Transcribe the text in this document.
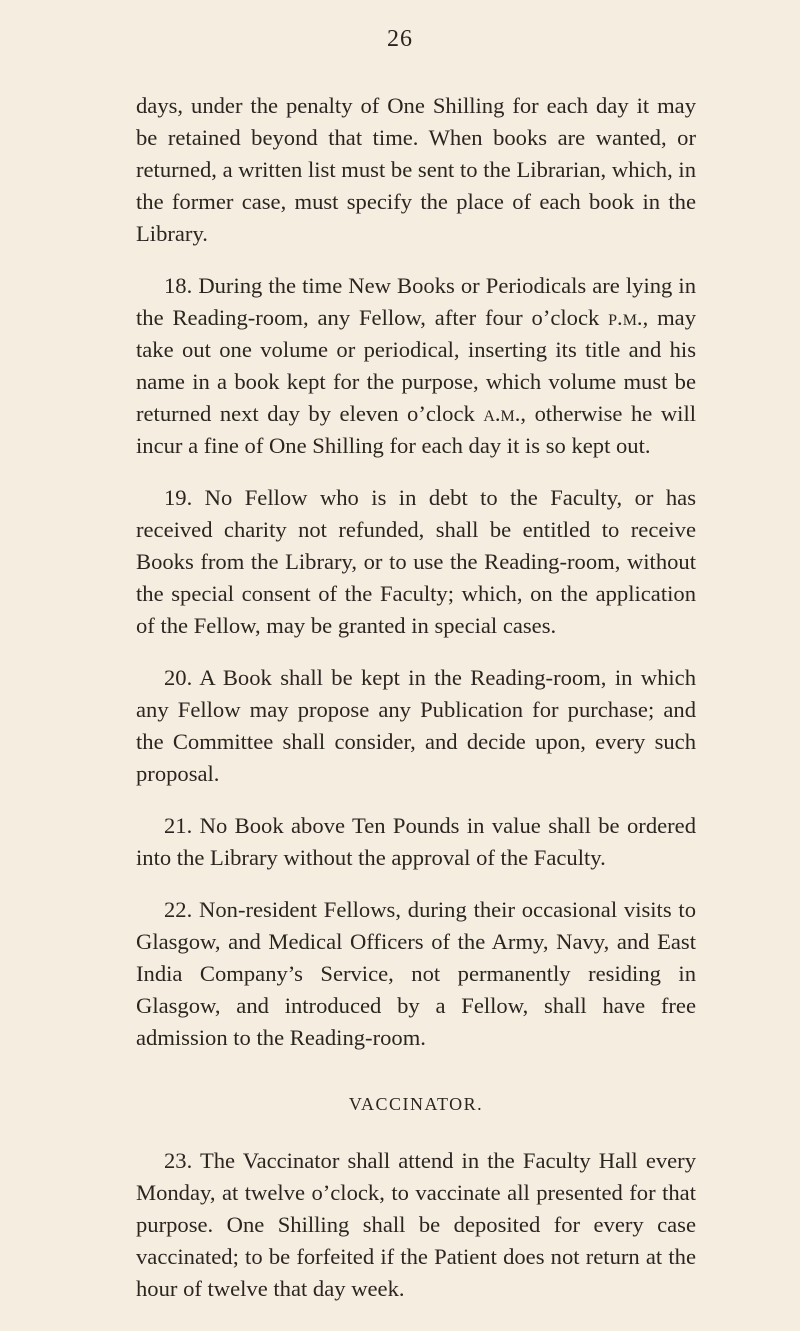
26

days, under the penalty of One Shilling for each day it may be retained beyond that time. When books are wanted, or returned, a written list must be sent to the Librarian, which, in the former case, must specify the place of each book in the Library.

18. During the time New Books or Periodicals are lying in the Reading-room, any Fellow, after four o’clock p.m., may take out one volume or periodical, inserting its title and his name in a book kept for the purpose, which volume must be returned next day by eleven o’clock a.m., otherwise he will incur a fine of One Shilling for each day it is so kept out.

19. No Fellow who is in debt to the Faculty, or has received charity not refunded, shall be entitled to receive Books from the Library, or to use the Reading-room, without the special consent of the Faculty; which, on the application of the Fellow, may be granted in special cases.

20. A Book shall be kept in the Reading-room, in which any Fellow may propose any Publication for purchase; and the Committee shall consider, and decide upon, every such proposal.

21. No Book above Ten Pounds in value shall be ordered into the Library without the approval of the Faculty.

22. Non-resident Fellows, during their occasional visits to Glasgow, and Medical Officers of the Army, Navy, and East India Company’s Service, not permanently residing in Glasgow, and introduced by a Fellow, shall have free admission to the Reading-room.

VACCINATOR.

23. The Vaccinator shall attend in the Faculty Hall every Monday, at twelve o’clock, to vaccinate all presented for that purpose. One Shilling shall be deposited for every case vaccinated; to be forfeited if the Patient does not return at the hour of twelve that day week.
